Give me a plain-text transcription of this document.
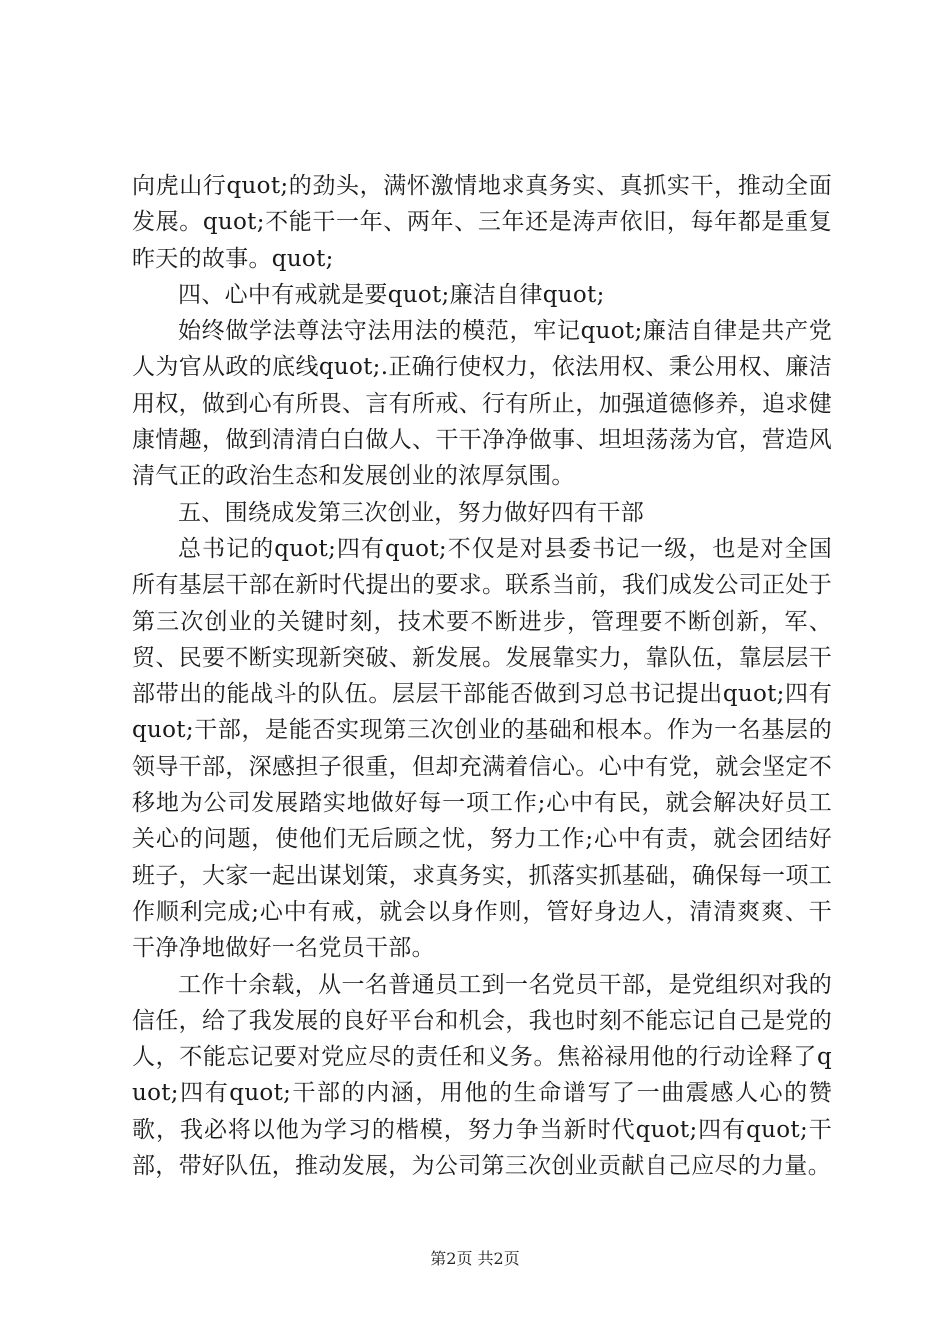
向虎山行quot;的劲头，满怀激情地求真务实、真抓实干，推动全面发展。quot;不能干一年、两年、三年还是涛声依旧，每年都是重复昨天的故事。quot;

四、心中有戒就是要quot;廉洁自律quot;

始终做学法尊法守法用法的模范，牢记quot;廉洁自律是共产党人为官从政的底线quot;.正确行使权力，依法用权、秉公用权、廉洁用权，做到心有所畏、言有所戒、行有所止，加强道德修养，追求健康情趣，做到清清白白做人、干干净净做事、坦坦荡荡为官，营造风清气正的政治生态和发展创业的浓厚氛围。

五、围绕成发第三次创业，努力做好四有干部

总书记的quot;四有quot;不仅是对县委书记一级，也是对全国所有基层干部在新时代提出的要求。联系当前，我们成发公司正处于第三次创业的关键时刻，技术要不断进步，管理要不断创新，军、贸、民要不断实现新突破、新发展。发展靠实力，靠队伍，靠层层干部带出的能战斗的队伍。层层干部能否做到习总书记提出quot;四有quot;干部，是能否实现第三次创业的基础和根本。作为一名基层的领导干部，深感担子很重，但却充满着信心。心中有党，就会坚定不移地为公司发展踏实地做好每一项工作;心中有民，就会解决好员工关心的问题，使他们无后顾之忧，努力工作;心中有责，就会团结好班子，大家一起出谋划策，求真务实，抓落实抓基础，确保每一项工作顺利完成;心中有戒，就会以身作则，管好身边人，清清爽爽、干干净净地做好一名党员干部。

工作十余载，从一名普通员工到一名党员干部，是党组织对我的信任，给了我发展的良好平台和机会，我也时刻不能忘记自己是党的人，不能忘记要对党应尽的责任和义务。焦裕禄用他的行动诠释了quot;四有quot;干部的内涵，用他的生命谱写了一曲震感人心的赞歌，我必将以他为学习的楷模，努力争当新时代quot;四有quot;干部，带好队伍，推动发展，为公司第三次创业贡献自己应尽的力量。

第2页 共2页
